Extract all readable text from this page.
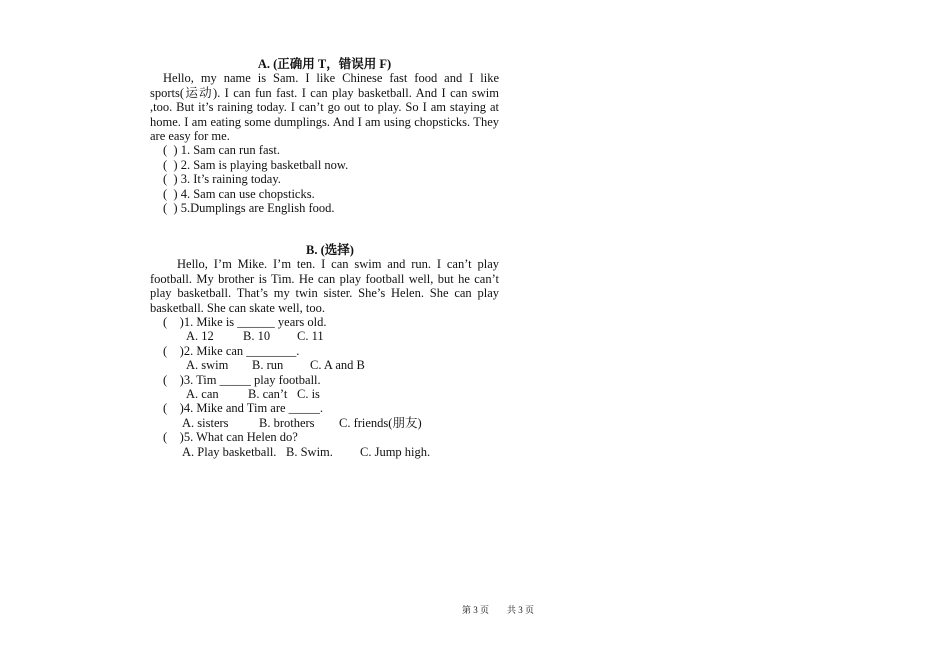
A. (正确用 T，错误用 F)

Hello, my name is Sam. I like Chinese fast food and I like sports(运动). I can fun fast. I can play basketball. And I can swim ,too. But it’s raining today. I can’t go out to play. So I am staying at home. I am eating some dumplings. And I am using chopsticks. They are easy for me.

(  ) 1. Sam can run fast.
(  ) 2. Sam is playing basketball now.
(  ) 3. It’s raining today.
(  ) 4. Sam can use chopsticks.
(  ) 5.Dumplings are English food.
B. (选择)

Hello, I’m Mike. I’m ten. I can swim and run. I can’t play football. My brother is Tim. He can play football well, but he can’t play basketball. That’s my twin sister. She’s Helen. She can play basketball. She can skate well, too.

(    )1. Mike is ______ years old.
A. 12 B. 10 C. 11
(    )2. Mike can ________.
A. swim B. run C. A and B
(    )3. Tim _____ play football.
A. can B. can’t C. is
(    )4. Mike and Tim are _____.
A. sisters B. brothers C. friends(朋友)
(    )5. What can Helen do?
A. Play basketball. B. Swim. C. Jump high.
第 3 页 共 3 页
